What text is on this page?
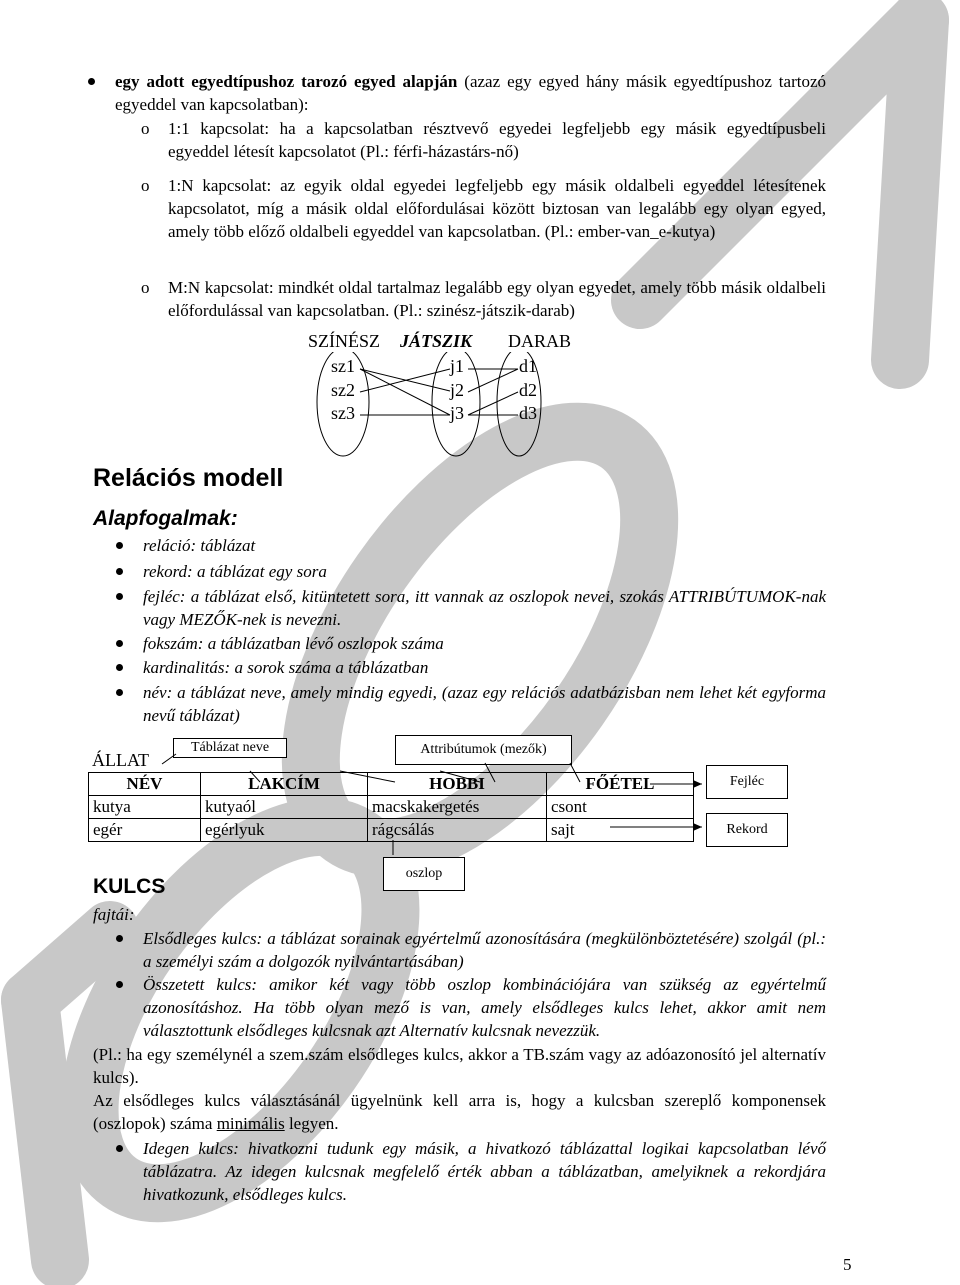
egy adott egyedtípushoz tarozó egyed alapján (azaz egy egyed hány másik egyedtípushoz tartozó egyeddel van kapcsolatban):
o 1:1 kapcsolat: ha a kapcsolatban résztvevő egyedei legfeljebb egy másik egyedtípusbeli egyeddel létesít kapcsolatot (Pl.: férfi-házastárs-nő)
o 1:N kapcsolat: az egyik oldal egyedei legfeljebb egy másik oldalbeli egyeddel létesítenek kapcsolatot, míg a másik oldal előfordulásai között biztosan van legalább egy olyan egyed, amely több előző oldalbeli egyeddel van kapcsolatban. (Pl.: ember-van_e-kutya)
o M:N kapcsolat: mindkét oldal tartalmaz legalább egy olyan egyedet, amely több másik oldalbeli előfordulással van kapcsolatban. (Pl.: szinész-játszik-darab)
SZÍNÉSZ JÁTSZIK DARAB
sz1
sz2
sz3
j1
j2
j3
d1
d2
d3
Relációs modell
Alapfogalmak:
reláció: táblázat
rekord: a táblázat egy sora
fejléc: a táblázat első, kitüntetett sora, itt vannak az oszlopok nevei, szokás ATTRIBÚTUMOK-nak vagy MEZŐK-nek is nevezni.
fokszám: a táblázatban lévő oszlopok száma
kardinalitás: a sorok száma a táblázatban
név: a táblázat neve, amely mindig egyedi, (azaz egy relációs adatbázisban nem lehet két egyforma nevű táblázat)
ÁLLAT
Táblázat neve	Attribútumok (mezők)
Fejléc
Rekord
oszlop
NÉV	LAKCÍM	HOBBI	FŐÉTEL
kutya	kutyaól	macskakergetés	csont
egér	egérlyuk	rágcsálás	sajt
KULCS
fajtái:
Elsődleges kulcs: a táblázat sorainak egyértelmű azonosítására (megkülönböztetésére) szolgál (pl.: a személyi szám a dolgozók nyilvántartásában)
Összetett kulcs: amikor két vagy több oszlop kombinációjára van szükség az egyértelmű azonosításhoz. Ha több olyan mező is van, amely elsődleges kulcs lehet, akkor amit nem választottunk elsődleges kulcsnak azt Alternatív kulcsnak nevezzük.
(Pl.: ha egy személynél a szem.szám elsődleges kulcs, akkor a TB.szám vagy az adóazonosító jel alternatív kulcs).
Az elsődleges kulcs választásánál ügyelnünk kell arra is, hogy a kulcsban szereplő komponensek (oszlopok) száma minimális legyen.
Idegen kulcs: hivatkozni tudunk egy másik, a hivatkozó táblázattal logikai kapcsolatban lévő táblázatra. Az idegen kulcsnak megfelelő érték abban a táblázatban, amelyiknek a rekordjára hivatkozunk, elsődleges kulcs.
5
